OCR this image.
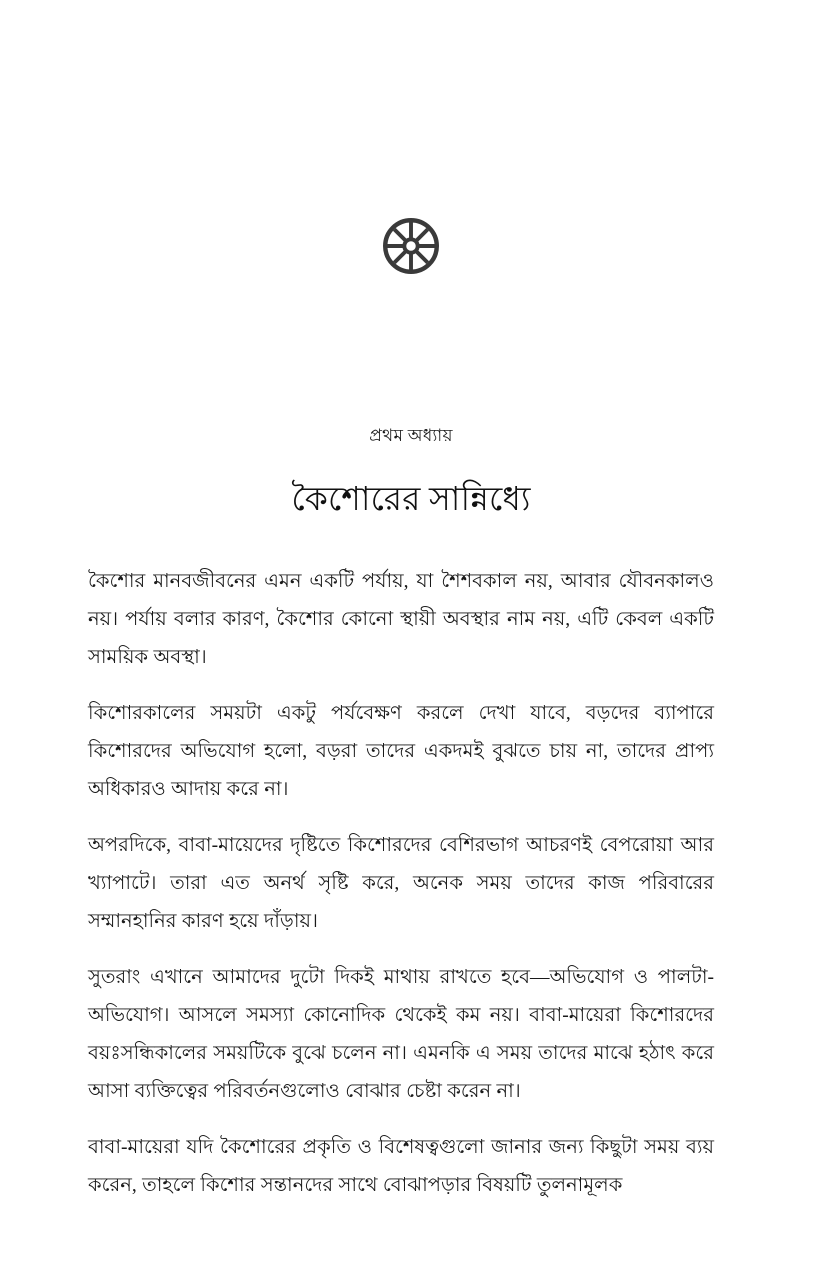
প্রথম অধ্যায়
কৈশোরের সান্নিধ্যে

কৈশোর মানবজীবনের এমন একটি পর্যায়, যা শৈশবকাল নয়, আবার যৌবনকালও নয়। পর্যায় বলার কারণ, কৈশোর কোনো স্থায়ী অবস্থার নাম নয়, এটি কেবল একটি সাময়িক অবস্থা।

কিশোরকালের সময়টা একটু পর্যবেক্ষণ করলে দেখা যাবে, বড়দের ব্যাপারে কিশোরদের অভিযোগ হলো, বড়রা তাদের একদমই বুঝতে চায় না, তাদের প্রাপ্য অধিকারও আদায় করে না।

অপরদিকে, বাবা-মায়েদের দৃষ্টিতে কিশোরদের বেশিরভাগ আচরণই বেপরোয়া আর খ্যাপাটে। তারা এত অনর্থ সৃষ্টি করে, অনেক সময় তাদের কাজ পরিবারের সম্মানহানির কারণ হয়ে দাঁড়ায়।

সুতরাং এখানে আমাদের দুটো দিকই মাথায় রাখতে হবে—অভিযোগ ও পালটা-অভিযোগ। আসলে সমস্যা কোনোদিক থেকেই কম নয়। বাবা-মায়েরা কিশোরদের বয়ঃসন্ধিকালের সময়টিকে বুঝে চলেন না। এমনকি এ সময় তাদের মাঝে হঠাৎ করে আসা ব্যক্তিত্বের পরিবর্তনগুলোও বোঝার চেষ্টা করেন না।

বাবা-মায়েরা যদি কৈশোরের প্রকৃতি ও বিশেষত্বগুলো জানার জন্য কিছুটা সময় ব্যয় করেন, তাহলে কিশোর সন্তানদের সাথে বোঝাপড়ার বিষয়টি তুলনামূলক
